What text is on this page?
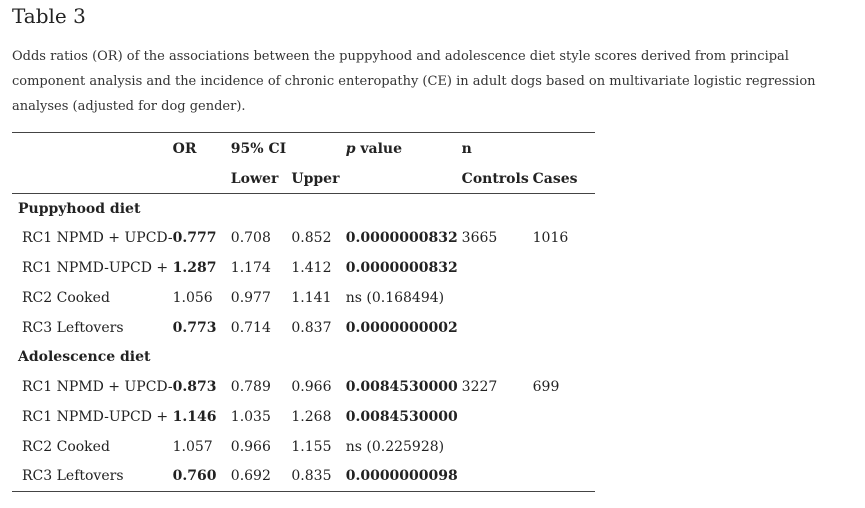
Table 3
Odds ratios (OR) of the associations between the puppyhood and adolescence diet style scores derived from principal component analysis and the incidence of chronic enteropathy (CE) in adult dogs based on multivariate logistic regression analyses (adjusted for dog gender).
	OR	95% CI		p value	n	
		Lower	Upper		Controls	Cases
Puppyhood diet						
RC1 NPMD + UPCD-	0.777	0.708	0.852	0.0000000832	3665	1016
RC1 NPMD-UPCD +	1.287	1.174	1.412	0.0000000832		
RC2 Cooked	1.056	0.977	1.141	ns (0.168494)		
RC3 Leftovers	0.773	0.714	0.837	0.0000000002		
Adolescence diet						
RC1 NPMD + UPCD-	0.873	0.789	0.966	0.0084530000	3227	699
RC1 NPMD-UPCD +	1.146	1.035	1.268	0.0084530000		
RC2 Cooked	1.057	0.966	1.155	ns (0.225928)		
RC3 Leftovers	0.760	0.692	0.835	0.0000000098		
